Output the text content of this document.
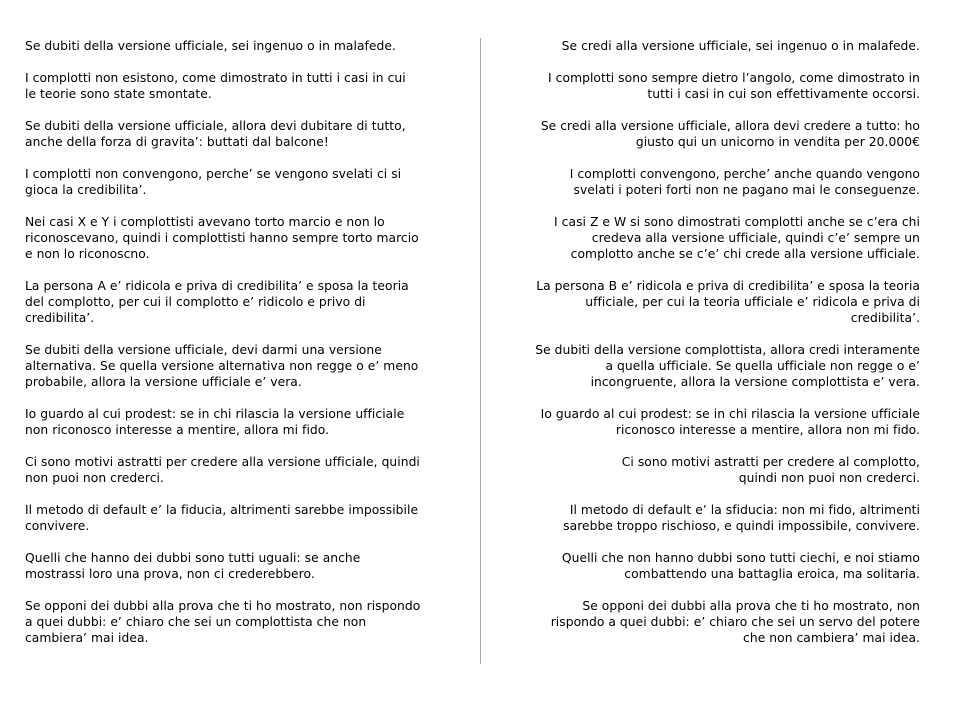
Se dubiti della versione ufficiale, sei ingenuo o in malafede.

I complotti non esistono, come dimostrato in tutti i casi in cui
le teorie sono state smontate.

Se dubiti della versione ufficiale, allora devi dubitare di tutto,
anche della forza di gravita’: buttati dal balcone!

I complotti non convengono, perche’ se vengono svelati ci si
gioca la credibilita’.

Nei casi X e Y i complottisti avevano torto marcio e non lo
riconoscevano, quindi i complottisti hanno sempre torto marcio
e non lo riconoscno.

La persona A e’ ridicola e priva di credibilita’ e sposa la teoria
del complotto, per cui il complotto e’ ridicolo e privo di
credibilita’.

Se dubiti della versione ufficiale, devi darmi una versione
alternativa. Se quella versione alternativa non regge o e’ meno
probabile, allora la versione ufficiale e’ vera.

Io guardo al cui prodest: se in chi rilascia la versione ufficiale
non riconosco interesse a mentire, allora mi fido.

Ci sono motivi astratti per credere alla versione ufficiale, quindi
non puoi non crederci.

Il metodo di default e’ la fiducia, altrimenti sarebbe impossibile
convivere.

Quelli che hanno dei dubbi sono tutti uguali: se anche
mostrassi loro una prova, non ci crederebbero.

Se opponi dei dubbi alla prova che ti ho mostrato, non rispondo
a quei dubbi: e’ chiaro che sei un complottista che non
cambiera’ mai idea.

Se credi alla versione ufficiale, sei ingenuo o in malafede.

I complotti sono sempre dietro l’angolo, come dimostrato in
tutti i casi in cui son effettivamente occorsi.

Se credi alla versione ufficiale, allora devi credere a tutto: ho
giusto qui un unicorno in vendita per 20.000€

I complotti convengono, perche’ anche quando vengono
svelati i poteri forti non ne pagano mai le conseguenze.

I casi Z e W si sono dimostrati complotti anche se c’era chi
credeva alla versione ufficiale, quindi c’e’ sempre un
complotto anche se c’e’ chi crede alla versione ufficiale.

La persona B e’ ridicola e priva di credibilita’ e sposa la teoria
ufficiale, per cui la teoria ufficiale e’ ridicola e priva di
credibilita’.

Se dubiti della versione complottista, allora credi interamente
a quella ufficiale. Se quella ufficiale non regge o e’
incongruente, allora la versione complottista e’ vera.

Io guardo al cui prodest: se in chi rilascia la versione ufficiale
riconosco interesse a mentire, allora non mi fido.

Ci sono motivi astratti per credere al complotto,
quindi non puoi non crederci.

Il metodo di default e’ la sfiducia: non mi fido, altrimenti
sarebbe troppo rischioso, e quindi impossibile, convivere.

Quelli che non hanno dubbi sono tutti ciechi, e noi stiamo
combattendo una battaglia eroica, ma solitaria.

Se opponi dei dubbi alla prova che ti ho mostrato, non
rispondo a quei dubbi: e’ chiaro che sei un servo del potere
che non cambiera’ mai idea.
